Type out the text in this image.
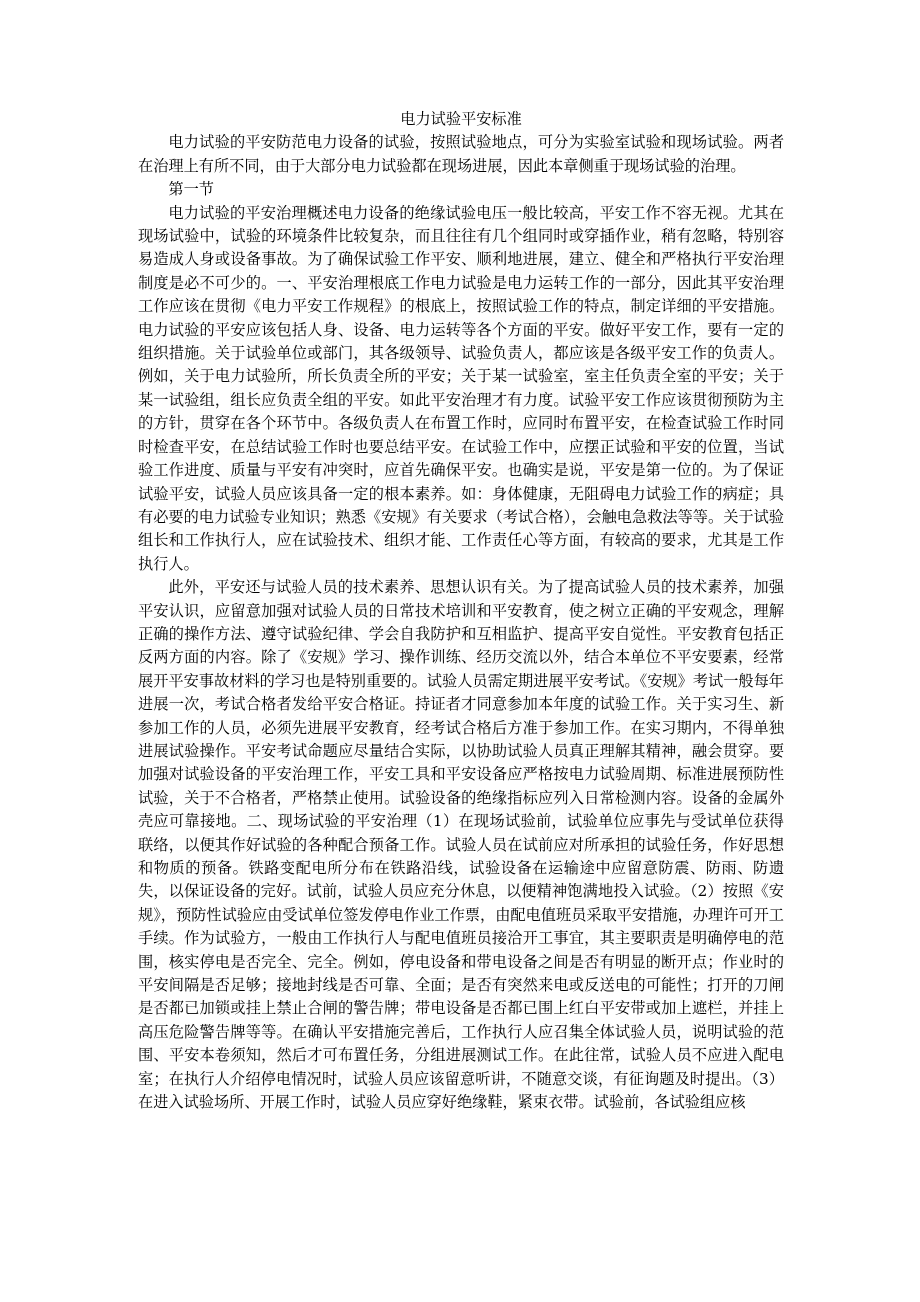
电力试验平安标准

电力试验的平安防范电力设备的试验，按照试验地点，可分为实验室试验和现场试验。两者在治理上有所不同，由于大部分电力试验都在现场进展，因此本章侧重于现场试验的治理。

第一节

电力试验的平安治理概述电力设备的绝缘试验电压一般比较高，平安工作不容无视。尤其在现场试验中，试验的环境条件比较复杂，而且往往有几个组同时或穿插作业，稍有忽略，特别容易造成人身或设备事故。为了确保试验工作平安、顺利地进展，建立、健全和严格执行平安治理制度是必不可少的。一、平安治理根底工作电力试验是电力运转工作的一部分，因此其平安治理工作应该在贯彻《电力平安工作规程》的根底上，按照试验工作的特点，制定详细的平安措施。电力试验的平安应该包括人身、设备、电力运转等各个方面的平安。做好平安工作，要有一定的组织措施。关于试验单位或部门，其各级领导、试验负责人，都应该是各级平安工作的负责人。例如，关于电力试验所，所长负责全所的平安；关于某一试验室，室主任负责全室的平安；关于某一试验组，组长应负责全组的平安。如此平安治理才有力度。试验平安工作应该贯彻预防为主的方针，贯穿在各个环节中。各级负责人在布置工作时，应同时布置平安，在检查试验工作时同时检查平安，在总结试验工作时也要总结平安。在试验工作中，应摆正试验和平安的位置，当试验工作进度、质量与平安有冲突时，应首先确保平安。也确实是说，平安是第一位的。为了保证试验平安，试验人员应该具备一定的根本素养。如：身体健康，无阻碍电力试验工作的病症；具有必要的电力试验专业知识；熟悉《安规》有关要求（考试合格），会触电急救法等等。关于试验组长和工作执行人，应在试验技术、组织才能、工作责任心等方面，有较高的要求，尤其是工作执行人。

此外，平安还与试验人员的技术素养、思想认识有关。为了提高试验人员的技术素养，加强平安认识，应留意加强对试验人员的日常技术培训和平安教育，使之树立正确的平安观念，理解正确的操作方法、遵守试验纪律、学会自我防护和互相监护、提高平安自觉性。平安教育包括正反两方面的内容。除了《安规》学习、操作训练、经历交流以外，结合本单位不平安要素，经常展开平安事故材料的学习也是特别重要的。试验人员需定期进展平安考试。《安规》考试一般每年进展一次，考试合格者发给平安合格证。持证者才同意参加本年度的试验工作。关于实习生、新参加工作的人员，必须先进展平安教育，经考试合格后方准于参加工作。在实习期内，不得单独进展试验操作。平安考试命题应尽量结合实际，以协助试验人员真正理解其精神，融会贯穿。要加强对试验设备的平安治理工作，平安工具和平安设备应严格按电力试验周期、标准进展预防性试验，关于不合格者，严格禁止使用。试验设备的绝缘指标应列入日常检测内容。设备的金属外壳应可靠接地。二、现场试验的平安治理（1）在现场试验前，试验单位应事先与受试单位获得联络，以便其作好试验的各种配合预备工作。试验人员在试前应对所承担的试验任务，作好思想和物质的预备。铁路变配电所分布在铁路沿线，试验设备在运输途中应留意防震、防雨、防遗失，以保证设备的完好。试前，试验人员应充分休息，以便精神饱满地投入试验。（2）按照《安规》，预防性试验应由受试单位签发停电作业工作票，由配电值班员采取平安措施，办理许可开工手续。作为试验方，一般由工作执行人与配电值班员接洽开工事宜，其主要职责是明确停电的范围，核实停电是否完全、完全。例如，停电设备和带电设备之间是否有明显的断开点；作业时的平安间隔是否足够；接地封线是否可靠、全面；是否有突然来电或反送电的可能性；打开的刀闸是否都已加锁或挂上禁止合闸的警告牌；带电设备是否都已围上红白平安带或加上遮栏，并挂上高压危险警告牌等等。在确认平安措施完善后，工作执行人应召集全体试验人员，说明试验的范围、平安本卷须知，然后才可布置任务，分组进展测试工作。在此往常，试验人员不应进入配电室；在执行人介绍停电情况时，试验人员应该留意听讲，不随意交谈，有征询题及时提出。（3）在进入试验场所、开展工作时，试验人员应穿好绝缘鞋，紧束衣带。试验前，各试验组应核
